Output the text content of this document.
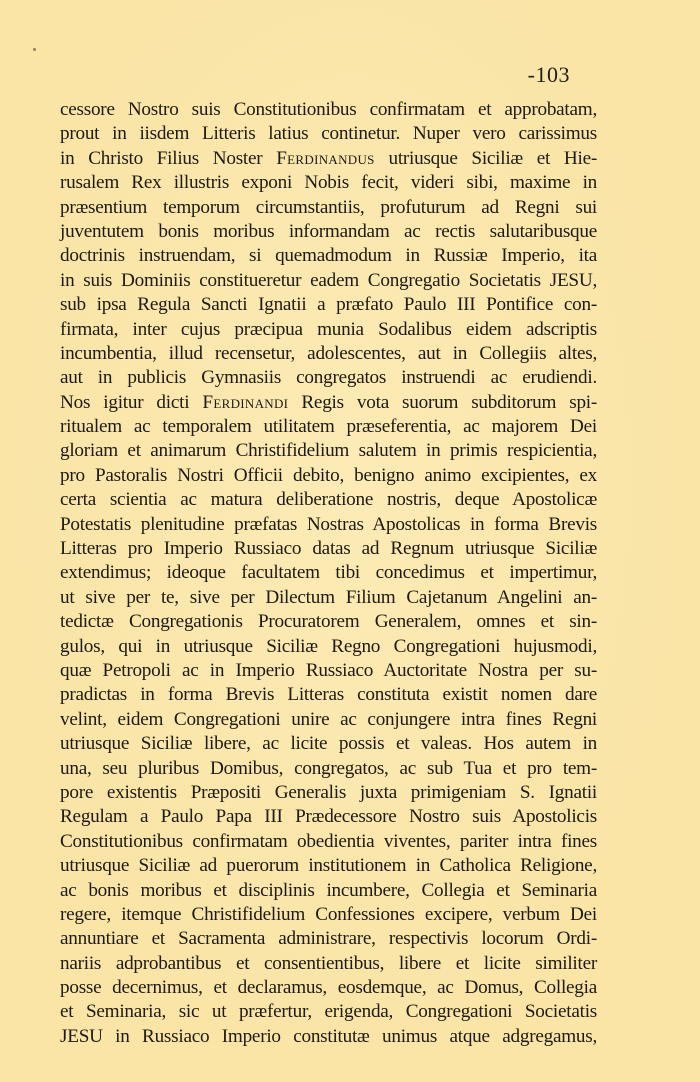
-103
cessore Nostro suis Constitutionibus confirmatam et approbatam,
prout in iisdem Litteris latius continetur. Nuper vero carissimus
in Christo Filius Noster Ferdinandus utriusque Siciliæ et Hie-
rusalem Rex illustris exponi Nobis fecit, videri sibi, maxime in
præsentium temporum circumstantiis, profuturum ad Regni sui
juventutem bonis moribus informandam ac rectis salutaribusque
doctrinis instruendam, si quemadmodum in Russiæ Imperio, ita
in suis Dominiis constitueretur eadem Congregatio Societatis JESU,
sub ipsa Regula Sancti Ignatii a præfato Paulo III Pontifice con-
firmata, inter cujus præcipua munia Sodalibus eidem adscriptis
incumbentia, illud recensetur, adolescentes, aut in Collegiis altes,
aut in publicis Gymnasiis congregatos instruendi ac erudiendi.
Nos igitur dicti Ferdinandi Regis vota suorum subditorum spi-
ritualem ac temporalem utilitatem præseferentia, ac majorem Dei
gloriam et animarum Christifidelium salutem in primis respicientia,
pro Pastoralis Nostri Officii debito, benigno animo excipientes, ex
certa scientia ac matura deliberatione nostris, deque Apostolicæ
Potestatis plenitudine præfatas Nostras Apostolicas in forma Brevis
Litteras pro Imperio Russiaco datas ad Regnum utriusque Siciliæ
extendimus; ideoque facultatem tibi concedimus et impertimur,
ut sive per te, sive per Dilectum Filium Cajetanum Angelini an-
tedictæ Congregationis Procuratorem Generalem, omnes et sin-
gulos, qui in utriusque Siciliæ Regno Congregationi hujusmodi,
quæ Petropoli ac in Imperio Russiaco Auctoritate Nostra per su-
pradictas in forma Brevis Litteras constituta existit nomen dare
velint, eidem Congregationi unire ac conjungere intra fines Regni
utriusque Siciliæ libere, ac licite possis et valeas. Hos autem in
una, seu pluribus Domibus, congregatos, ac sub Tua et pro tem-
pore existentis Præpositi Generalis juxta primigeniam S. Ignatii
Regulam a Paulo Papa III Prædecessore Nostro suis Apostolicis
Constitutionibus confirmatam obedientia viventes, pariter intra fines
utriusque Siciliæ ad puerorum institutionem in Catholica Religione,
ac bonis moribus et disciplinis incumbere, Collegia et Seminaria
regere, itemque Christifidelium Confessiones excipere, verbum Dei
annuntiare et Sacramenta administrare, respectivis locorum Ordi-
nariis adprobantibus et consentientibus, libere et licite similiter
posse decernimus, et declaramus, eosdemque, ac Domus, Collegia
et Seminaria, sic ut præfertur, erigenda, Congregationi Societatis
JESU in Russiaco Imperio constitutæ unimus atque adgregamus,
